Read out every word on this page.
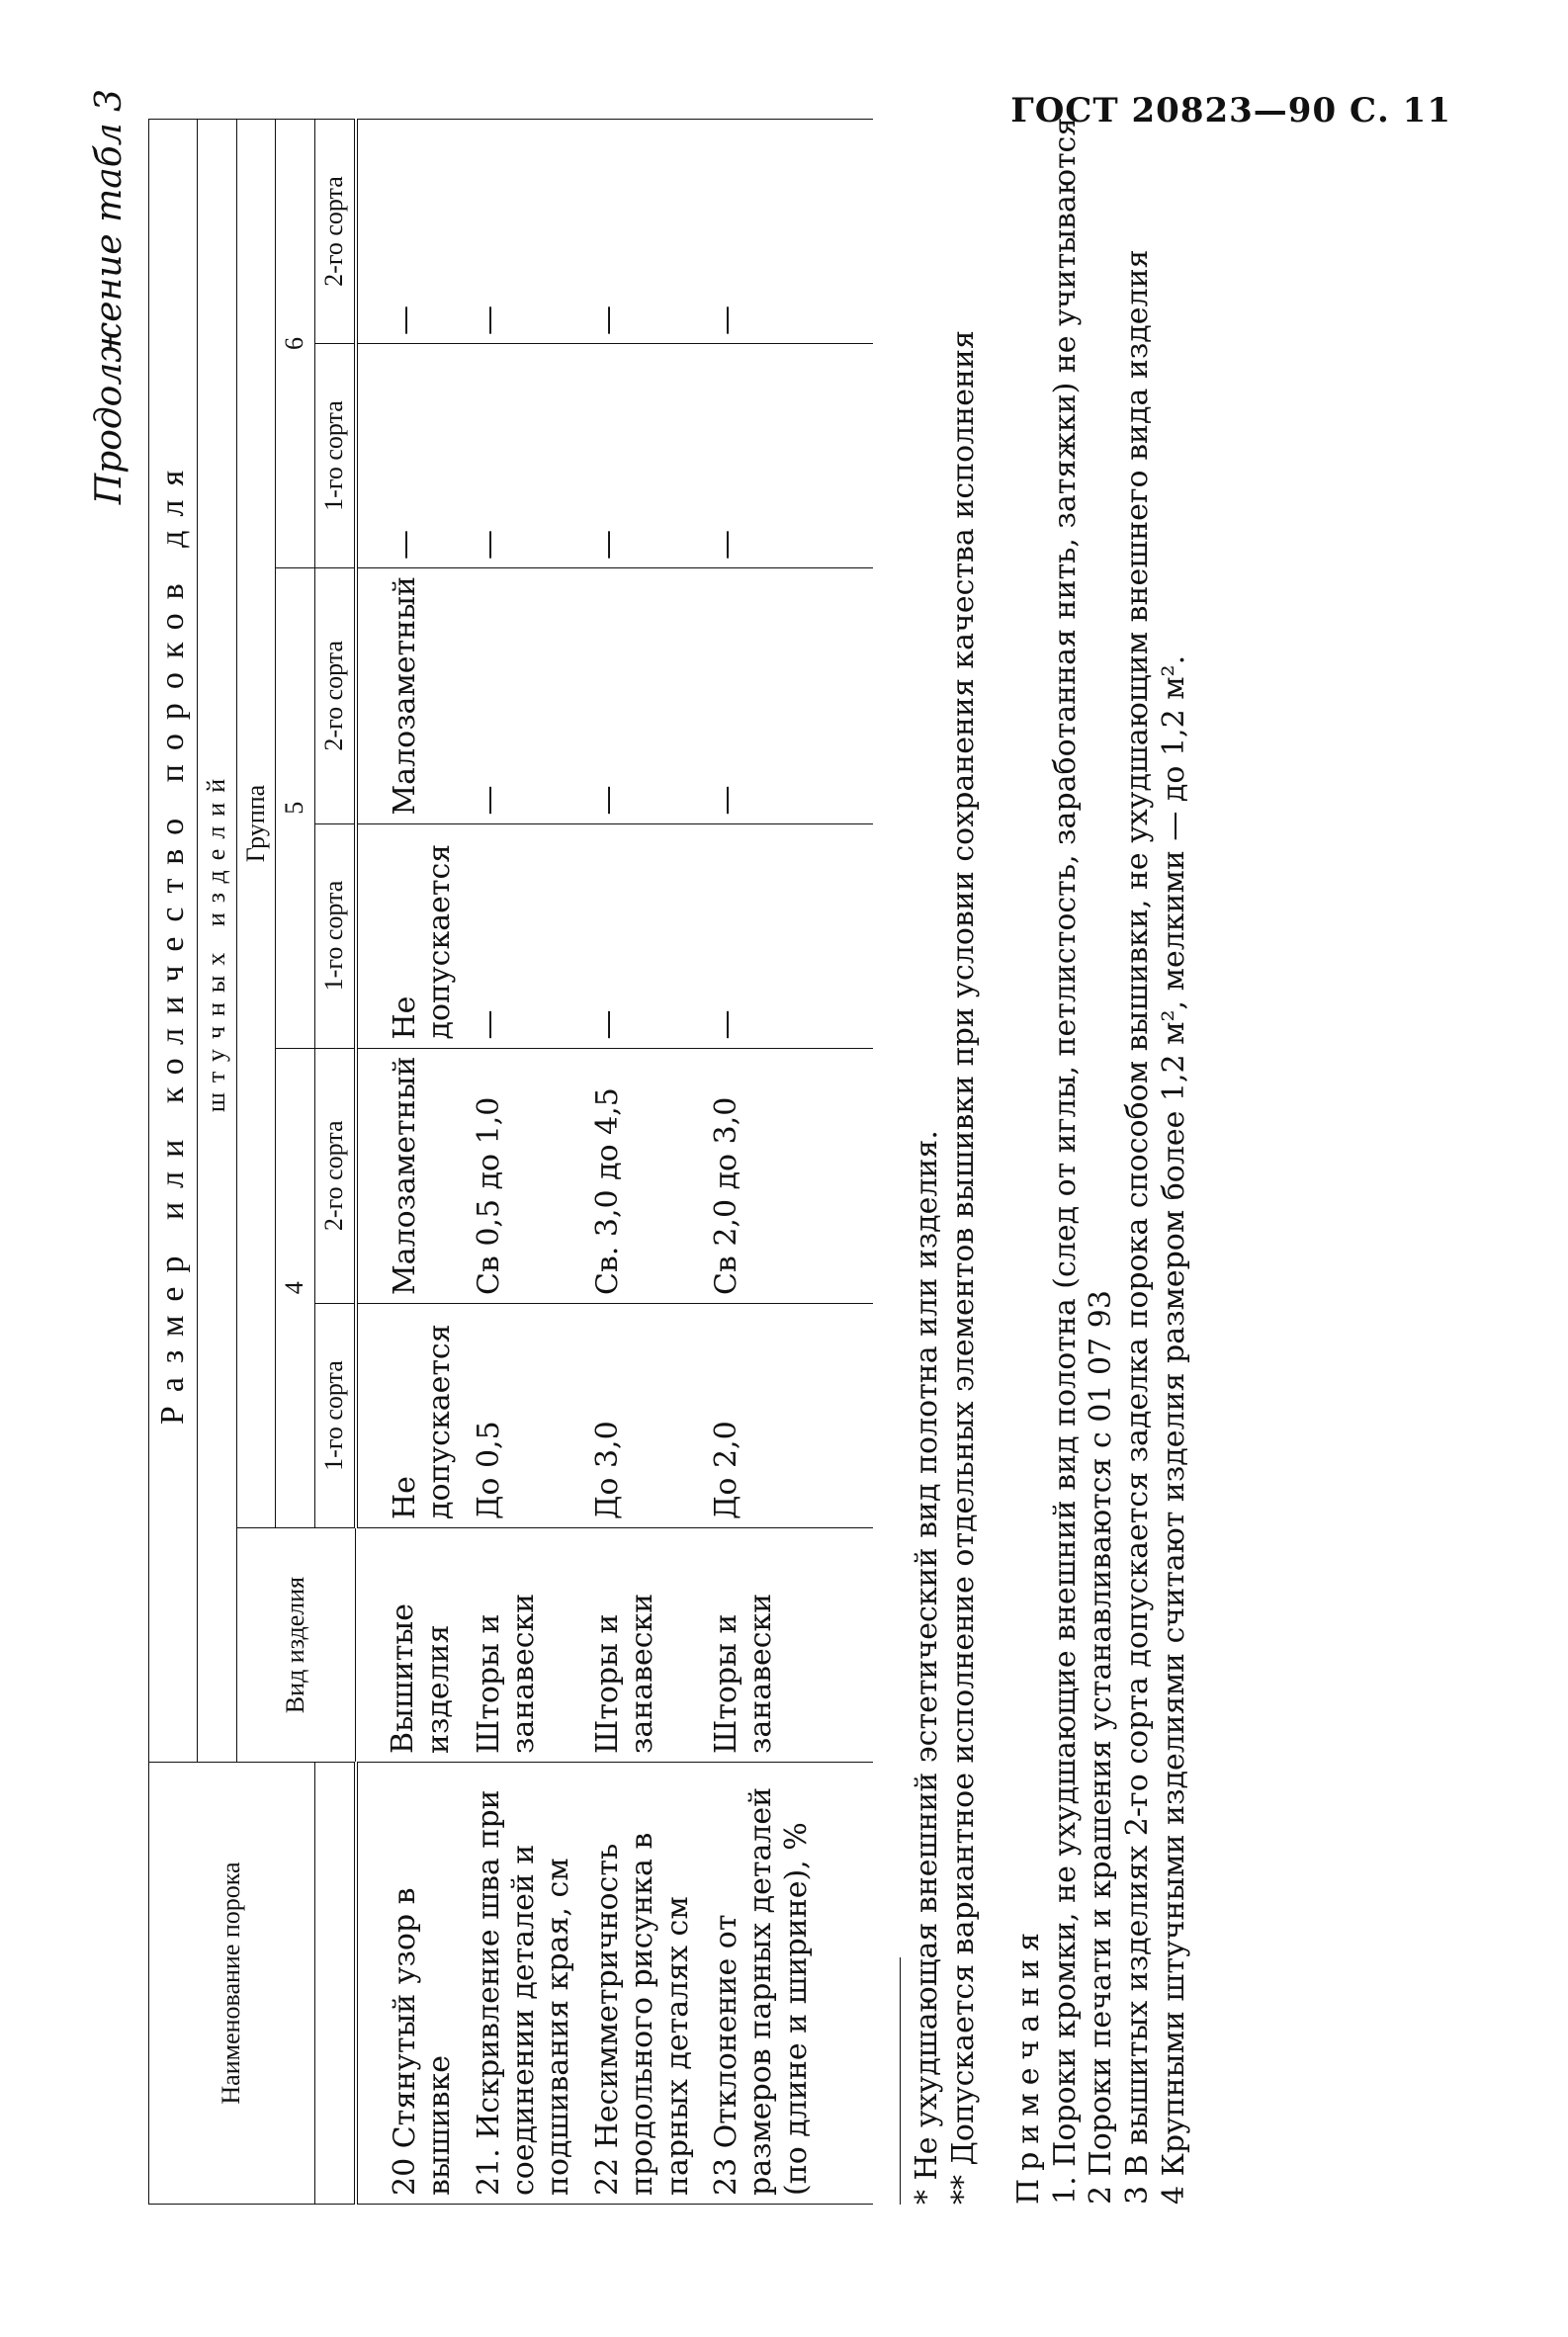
ГОСТ 20823—90 С. 11
Продолжение табл 3
Наименование порока	Размер или количество пороков для						
	штучных изделий						
	Вид изделия	Группа					
		4		5		6	
		1-го сорта	2-го сорта	1-го сорта	2-го сорта	1-го сорта	2-го сорта
20 Стянутый узор в вышивке	Вышитые изделия	Не допускается	Малозаметный	Не допускается	Малозаметный	—	—
21. Искривление шва при соединении деталей и подшивания края, см	Шторы и занавески	До 0,5	Св 0,5 до 1,0	—	—	—	—
22 Несимметричность продольного рисунка в парных деталях см	Шторы и занавески	До 3,0	Св. 3,0 до 4,5	—	—	—	—
23 Отклонение от размеров парных деталей (по длине и ширине), %	Шторы и занавески	До 2,0	Св 2,0 до 3,0	—	—	—	—

* Не ухудшающая внешний эстетический вид полотна или изделия. ** Допускается вариантное исполнение отдельных элементов вышивки при условии сохранения качества исполнения Примечания 1. Пороки кромки, не ухудшающие внешний вид полотна (след от иглы, петлистость, заработанная нить, затяжки) не учитываются 2 Пороки печати и крашения устанавливаются с 01 07 93 3 В вышитых изделиях 2-го сорта допускается заделка порока способом вышивки, не ухудшающим внешнего вида изделия 4 Крупными штучными изделиями считают изделия размером более 1,2 м², мелкими — до 1,2 м².
